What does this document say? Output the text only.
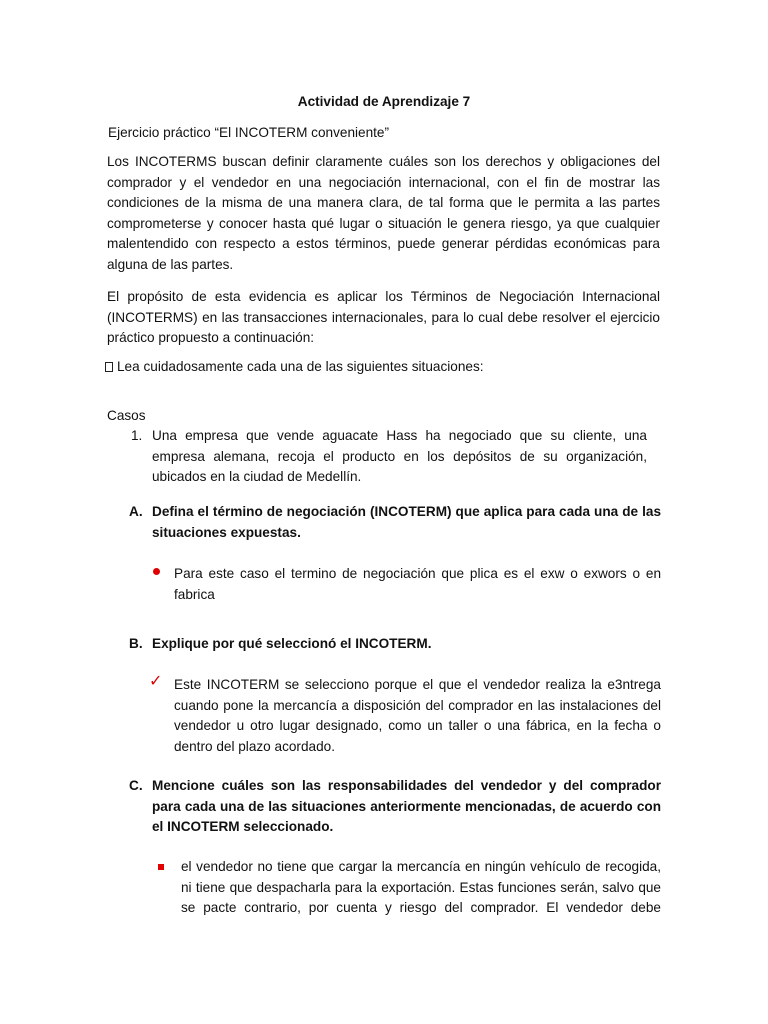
Actividad de Aprendizaje 7
Ejercicio práctico “El INCOTERM conveniente”
Los INCOTERMS buscan definir claramente cuáles son los derechos y obligaciones del comprador y el vendedor en una negociación internacional, con el fin de mostrar las condiciones de la misma de una manera clara, de tal forma que le permita a las partes comprometerse y conocer hasta qué lugar o situación le genera riesgo, ya que cualquier malentendido con respecto a estos términos, puede generar pérdidas económicas para alguna de las partes.
El propósito de esta evidencia es aplicar los Términos de Negociación Internacional (INCOTERMS) en las transacciones internacionales, para lo cual debe resolver el ejercicio práctico propuesto a continuación:
Lea cuidadosamente cada una de las siguientes situaciones:
Casos
1. Una empresa que vende aguacate Hass ha negociado que su cliente, una empresa alemana, recoja el producto en los depósitos de su organización, ubicados en la ciudad de Medellín.
A. Defina el término de negociación (INCOTERM) que aplica para cada una de las situaciones expuestas.
Para este caso el termino de negociación que plica es el exw o exwors o en fabrica
B. Explique por qué seleccionó el INCOTERM.
✓ Este INCOTERM se selecciono porque el que el vendedor realiza la e3ntrega cuando pone la mercancía a disposición del comprador en las instalaciones del vendedor u otro lugar designado, como un taller o una fábrica, en la fecha o dentro del plazo acordado.
C. Mencione cuáles son las responsabilidades del vendedor y del comprador para cada una de las situaciones anteriormente mencionadas, de acuerdo con el INCOTERM seleccionado.
el vendedor no tiene que cargar la mercancía en ningún vehículo de recogida, ni tiene que despacharla para la exportación. Estas funciones serán, salvo que se pacte contrario, por cuenta y riesgo del comprador. El vendedor debe
